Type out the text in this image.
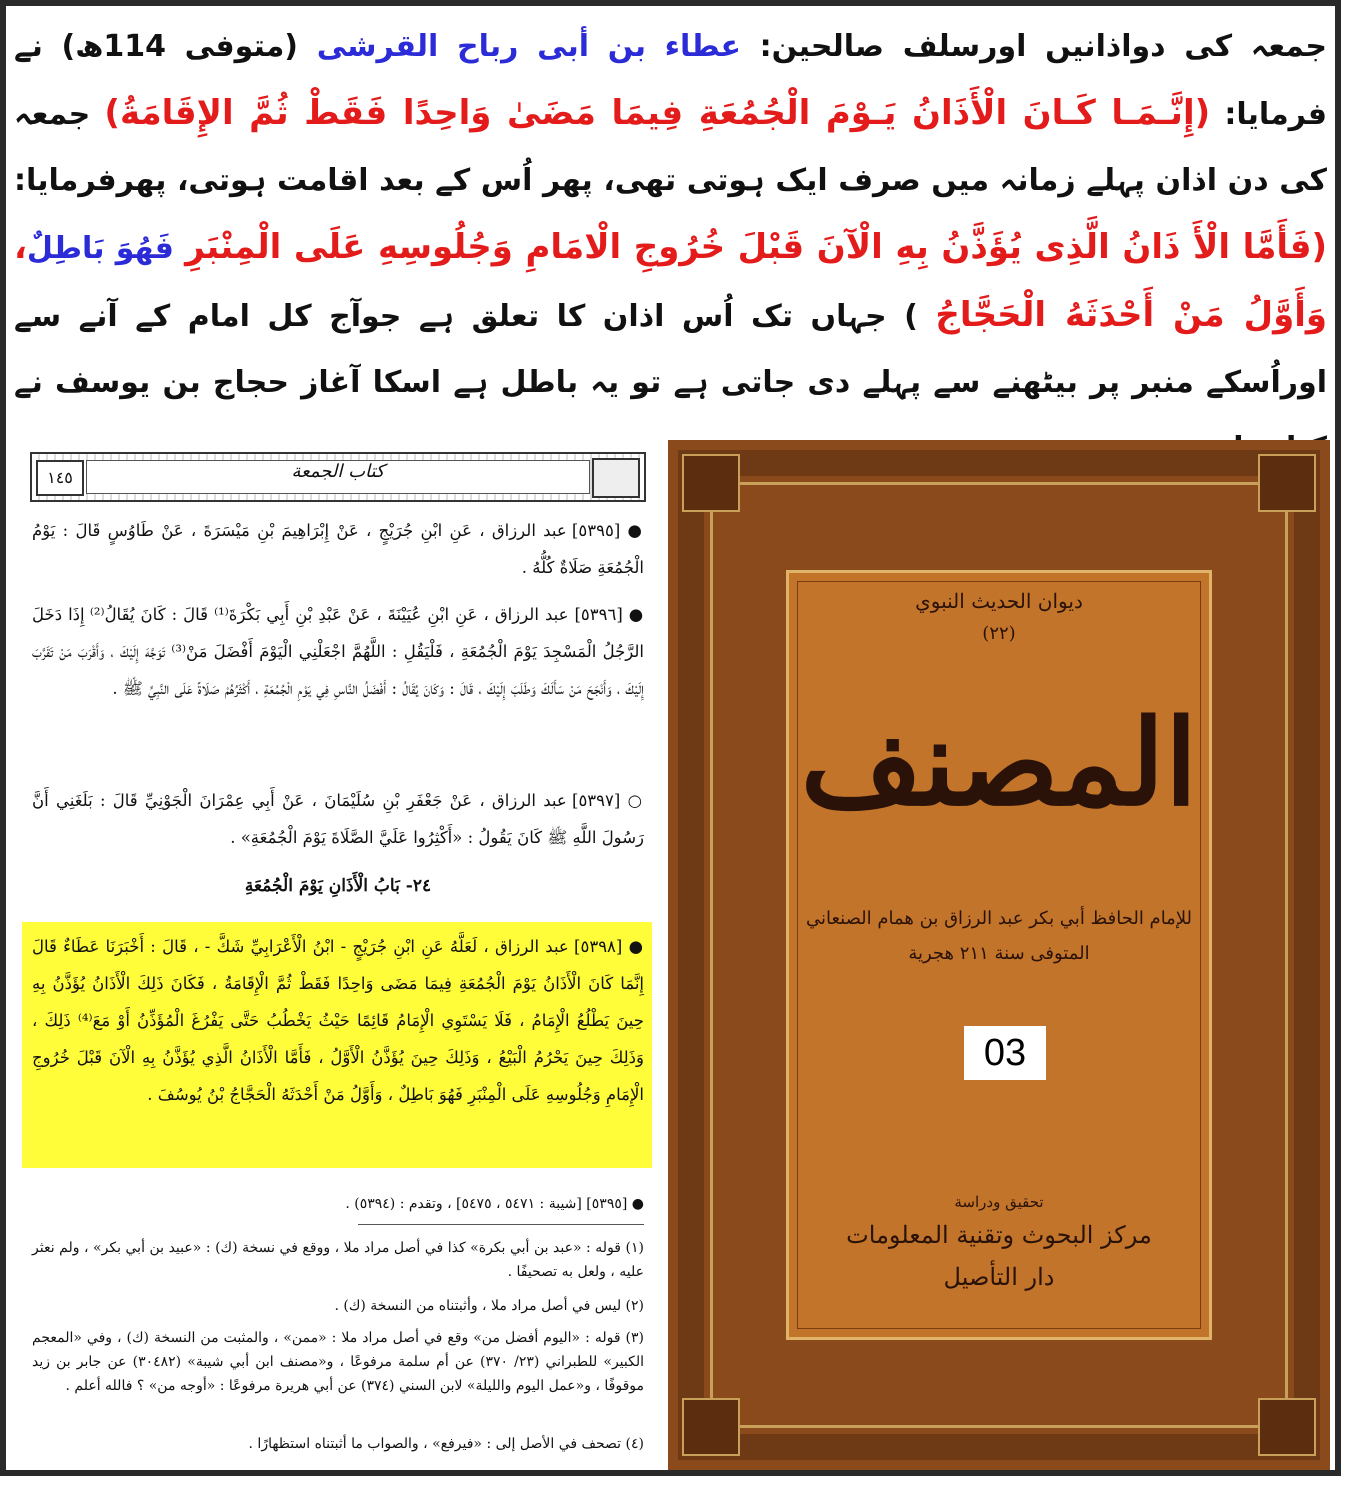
جمعہ کی دواذانیں اورسلف صالحین: عطاء بن أبی رباح القرشی (متوفی 114ھ) نے فرمایا: (إِنَّـمَـا كَـانَ الْأَذَانُ يَـوْمَ الْجُمُعَةِ فِيمَا مَضَىٰ وَاحِدًا فَقَطْ ثُمَّ الإِقَامَةُ) جمعہ کی دن اذان پہلے زمانہ میں صرف ایک ہوتی تھی، پھر اُس کے بعد اقامت ہوتی، پھرفرمایا: (فَأَمَّا الْأَ ذَانُ الَّذِى يُؤَذَّنُ بِهِ الْآنَ قَبْلَ خُرُوجِ الْامَامِ وَجُلُوسِهِ عَلَى الْمِنْبَرِ فَهُوَ بَاطِلٌ، وَأَوَّلُ مَنْ أَحْدَثَهُ الْحَجَّاجُ ) جہاں تک اُس اذان کا تعلق ہے جوآج کل امام کے آنے سے اوراُسکے منبر پر بیٹھنے سے پہلے دی جاتی ہے تو یہ باطل ہے اسکا آغاز حجاج بن یوسف نے
كتاب الجمعة
١٤٥
● [٥٣٩٥] عبد الرزاق ، عَنِ ابْنِ جُرَيْجٍ ، عَنْ إِبْرَاهِيمَ بْنِ مَيْسَرَةَ ، عَنْ طَاوُسٍ قَالَ : يَوْمُ الْجُمُعَةِ صَلَاةٌ كُلُّهُ .
● [٥٣٩٦] عبد الرزاق ، عَنِ ابْنِ عُيَيْنَةَ ، عَنْ عَبْدِ بْنِ أَبِي بَكْرَةَ⁽¹⁾ قَالَ : كَانَ يُقَالُ⁽²⁾ إِذَا دَخَلَ الرَّجُلُ الْمَسْجِدَ يَوْمَ الْجُمُعَةِ ، فَلْيَقُلِ : اللَّهُمَّ اجْعَلْنِي الْيَوْمَ أَفْضَلَ مَنْ⁽³⁾ تَوَجَّهَ إِلَيْكَ ، وَأَقْرَبَ مَنْ تَقَرَّبَ إِلَيْكَ ، وَأَنْجَحَ مَنْ سَأَلَكَ وَطَلَبَ إِلَيْكَ ، قَالَ : وَكَانَ يُقَالُ : أَفْضَلُ النَّاسِ فِي يَوْمِ الْجُمُعَةِ ، أَكْثَرُهُمْ صَلَاةً عَلَى النَّبِيِّ ﷺ .
○ [٥٣٩٧] عبد الرزاق ، عَنْ جَعْفَرِ بْنِ سُلَيْمَانَ ، عَنْ أَبِي عِمْرَانَ الْجَوْنِيِّ قَالَ : بَلَغَنِي أَنَّ رَسُولَ اللَّهِ ﷺ كَانَ يَقُولُ : «أَكْثِرُوا عَلَيَّ الصَّلَاةَ يَوْمَ الْجُمُعَةِ» .
٢٤- بَابُ الْأَذَانِ يَوْمَ الْجُمُعَةِ
● [٥٣٩٨] عبد الرزاق ، لَعَلَّهُ عَنِ ابْنِ جُرَيْجٍ - ابْنُ الْأَعْرَابِيِّ شَكَّ - ، قَالَ : أَخْبَرَنَا عَطَاءٌ قَالَ إِنَّمَا كَانَ الْأَذَانُ يَوْمَ الْجُمُعَةِ فِيمَا مَضَى وَاحِدًا فَقَطْ ثُمَّ الْإِقَامَةُ ، فَكَانَ ذَلِكَ الْأَذَانُ يُؤَذَّنُ بِهِ حِينَ يَطْلُعُ الْإِمَامُ ، فَلَا يَسْتَوِي الْإِمَامُ قَائِمًا حَيْثُ يَخْطُبُ حَتَّى يَفْرُغَ الْمُؤَذِّنُ أَوْ مَعَ⁽⁴⁾ ذَلِكَ ، وَذَلِكَ حِينَ يَحْرُمُ الْبَيْعُ ، وَذَلِكَ حِينَ يُؤَذَّنُ الْأَوَّلُ ، فَأَمَّا الْأَذَانُ الَّذِي يُؤَذَّنُ بِهِ الْآنَ قَبْلَ خُرُوجِ الْإِمَامِ وَجُلُوسِهِ عَلَى الْمِنْبَرِ فَهُوَ بَاطِلٌ ، وَأَوَّلُ مَنْ أَحْدَثَهُ الْحَجَّاجُ بْنُ يُوسُفَ .
● [٥٣٩٥] [شيبة : ٥٤٧١ ، ٥٤٧٥] ، وتقدم : (٥٣٩٤) .
(١) قوله : «عبد بن أبي بكرة» كذا في أصل مراد ملا ، ووقع في نسخة (ك) : «عبيد بن أبي بكر» ، ولم نعثر عليه ، ولعل به تصحيفًا .
(٢) ليس في أصل مراد ملا ، وأثبتناه من النسخة (ك) .
(٣) قوله : «اليوم أفضل من» وقع في أصل مراد ملا : «ممن» ، والمثبت من النسخة (ك) ، وفي «المعجم الكبير» للطبراني (٢٣/ ٣٧٠) عن أم سلمة مرفوعًا ، و«مصنف ابن أبي شيبة» (٣٠٤٨٢) عن جابر بن زيد موقوفًا ، و«عمل اليوم والليلة» لابن السني (٣٧٤) عن أبي هريرة مرفوعًا : «أوجه من» ؟ فالله أعلم .
(٤) تصحف في الأصل إلى : «فيرفع» ، والصواب ما أثبتناه استظهارًا .
ديوان الحديث النبوي
(٢٢)
المصنف
للإمام الحافظ أبي بكر عبد الرزاق بن همام الصنعاني
المتوفى سنة ٢١١ هجرية
تحقيق ودراسة
مركز البحوث وتقنية المعلومات
دار التأصيل
03
